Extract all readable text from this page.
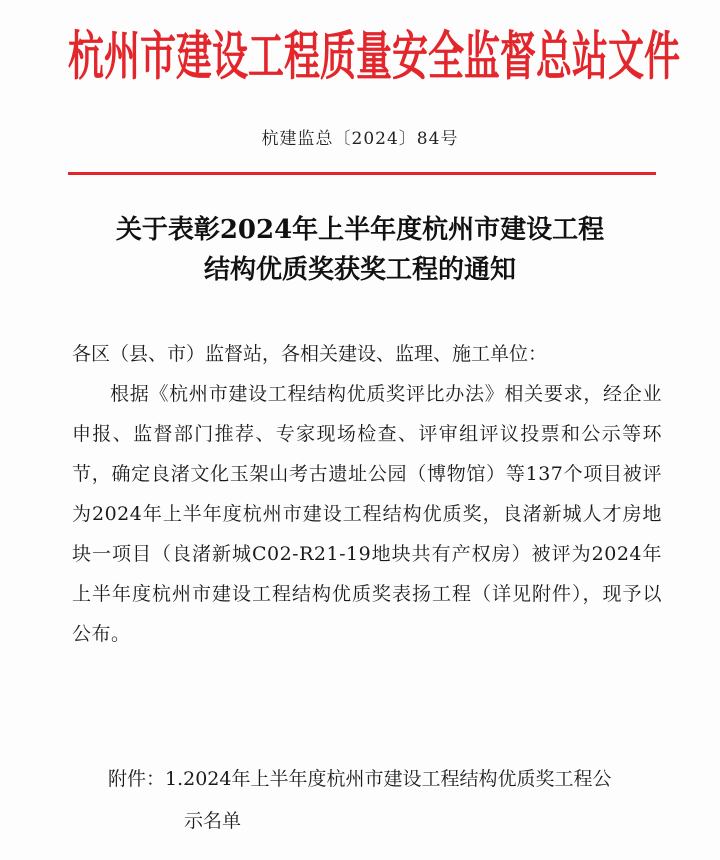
杭州市建设工程质量安全监督总站文件
杭建监总〔2024〕84号
关于表彰2024年上半年度杭州市建设工程
结构优质奖获奖工程的通知

各区（县、市）监督站，各相关建设、监理、施工单位：

根据《杭州市建设工程结构优质奖评比办法》相关要求，经企业申报、监督部门推荐、专家现场检查、评审组评议投票和公示等环节，确定良渚文化玉架山考古遗址公园（博物馆）等137个项目被评为2024年上半年度杭州市建设工程结构优质奖，良渚新城人才房地块一项目（良渚新城C02-R21-19地块共有产权房）被评为2024年上半年度杭州市建设工程结构优质奖表扬工程（详见附件），现予以公布。

附件：1.2024年上半年度杭州市建设工程结构优质奖工程公
示名单
